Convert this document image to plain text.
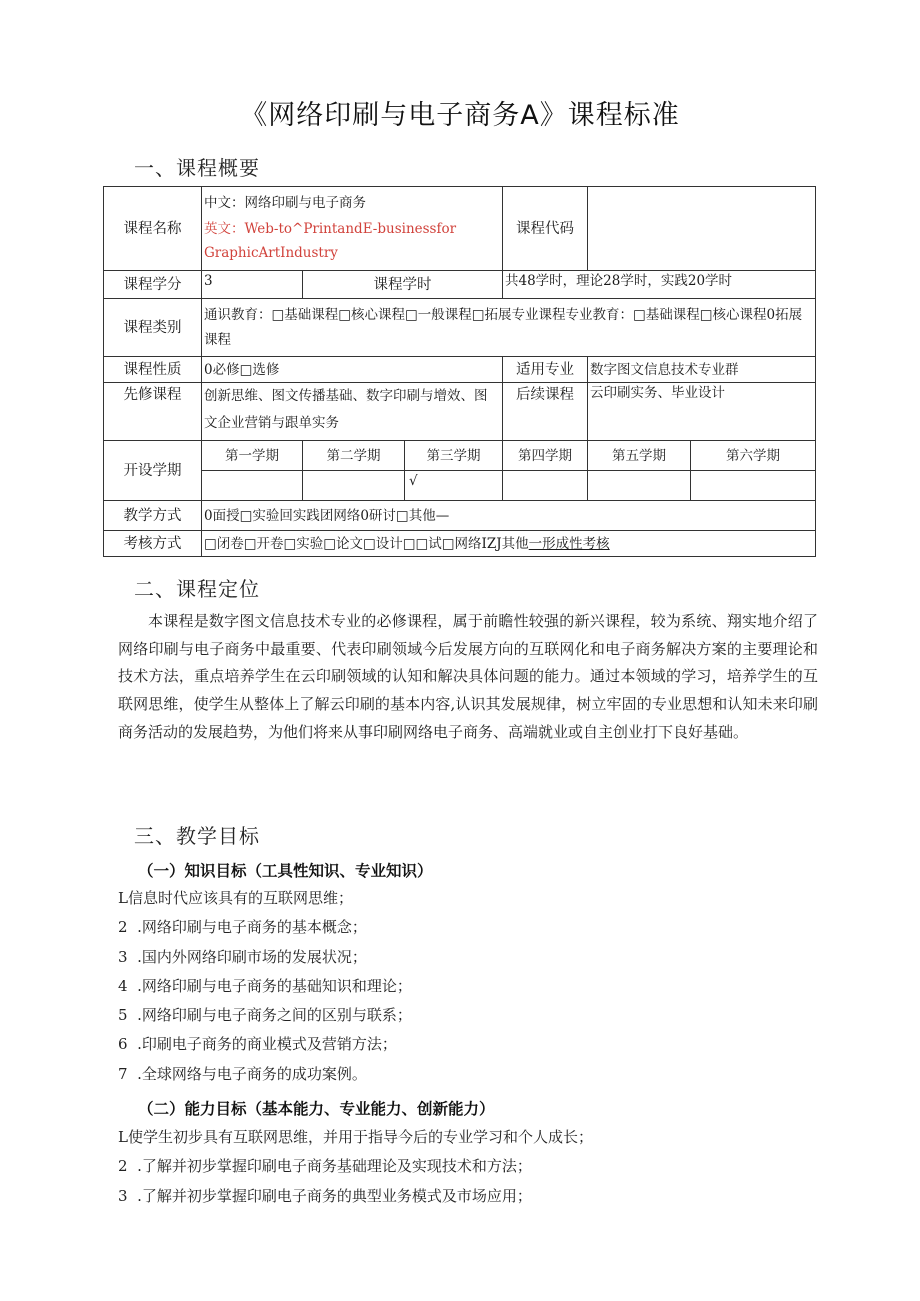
《网络印刷与电子商务A》课程标准
一、课程概要
课程名称	中文：网络印刷与电子商务
英文：Web-to^PrintandE-businessfor
GraphicArtIndustry			课程代码		
课程学分	3	课程学时		共48学时，理论28学时，实践20学时		
课程类别	通识教育：□基础课程□核心课程□一般课程□拓展专业课程专业教育：□基础课程□核心课程0拓展课程					
课程性质	0必修□选修			适用专业	数字图文信息技术专业群	
先修课程	创新思维、图文传播基础、数字印刷与增效、图文企业营销与跟单实务			后续课程	云印刷实务、毕业设计	
开设学期	第一学期	第二学期	第三学期	第四学期	第五学期	第六学期
			√			
教学方式	0面授□实验回实践团网络0研讨□其他—					
考核方式	□闭卷□开卷□实验□论文□设计□□试□网络IZJ其他一形成性考核					
二、课程定位
本课程是数字图文信息技术专业的必修课程，属于前瞻性较强的新兴课程，较为系统、翔实地介绍了网络印刷与电子商务中最重要、代表印刷领域今后发展方向的互联网化和电子商务解决方案的主要理论和技术方法，重点培养学生在云印刷领域的认知和解决具体问题的能力。通过本领域的学习，培养学生的互联网思维，使学生从整体上了解云印刷的基本内容,认识其发展规律，树立牢固的专业思想和认知未来印刷商务活动的发展趋势，为他们将来从事印刷网络电子商务、高端就业或自主创业打下良好基础。
三、教学目标
（一）知识目标（工具性知识、专业知识）
L信息时代应该具有的互联网思维；
2  .网络印刷与电子商务的基本概念；
3  .国内外网络印刷市场的发展状况；
4  .网络印刷与电子商务的基础知识和理论；
5  .网络印刷与电子商务之间的区别与联系；
6  .印刷电子商务的商业模式及营销方法；
7  .全球网络与电子商务的成功案例。
（二）能力目标（基本能力、专业能力、创新能力）
L使学生初步具有互联网思维，并用于指导今后的专业学习和个人成长；
2  .了解并初步掌握印刷电子商务基础理论及实现技术和方法；
3  .了解并初步掌握印刷电子商务的典型业务模式及市场应用；
